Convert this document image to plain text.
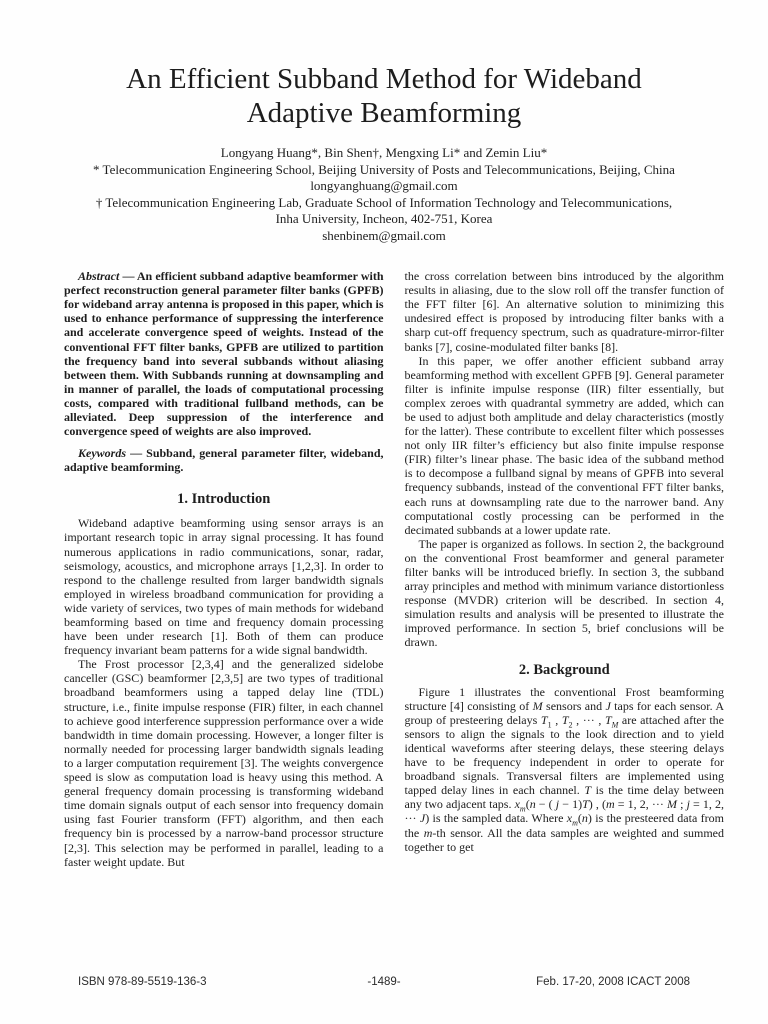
An Efficient Subband Method for Wideband Adaptive Beamforming
Longyang Huang*, Bin Shen†, Mengxing Li* and Zemin Liu*
* Telecommunication Engineering School, Beijing University of Posts and Telecommunications, Beijing, China
longyanghuang@gmail.com
† Telecommunication Engineering Lab, Graduate School of Information Technology and Telecommunications,
Inha University, Incheon, 402-751, Korea
shenbinem@gmail.com

Abstract — An efficient subband adaptive beamformer with perfect reconstruction general parameter filter banks (GPFB) for wideband array antenna is proposed in this paper, which is used to enhance performance of suppressing the interference and accelerate convergence speed of weights. Instead of the conventional FFT filter banks, GPFB are utilized to partition the frequency band into several subbands without aliasing between them. With Subbands running at downsampling and in manner of parallel, the loads of computational processing costs, compared with traditional fullband methods, can be alleviated. Deep suppression of the interference and convergence speed of weights are also improved.

Keywords — Subband, general parameter filter, wideband, adaptive beamforming.

1. Introduction

Wideband adaptive beamforming using sensor arrays is an important research topic in array signal processing. It has found numerous applications in radio communications, sonar, radar, seismology, acoustics, and microphone arrays [1,2,3]. In order to respond to the challenge resulted from larger bandwidth signals employed in wireless broadband communication for providing a wide variety of services, two types of main methods for wideband beamforming based on time and frequency domain processing have been under research [1]. Both of them can produce frequency invariant beam patterns for a wide signal bandwidth.

The Frost processor [2,3,4] and the generalized sidelobe canceller (GSC) beamformer [2,3,5] are two types of traditional broadband beamformers using a tapped delay line (TDL) structure, i.e., finite impulse response (FIR) filter, in each channel to achieve good interference suppression performance over a wide bandwidth in time domain processing. However, a longer filter is normally needed for processing larger bandwidth signals leading to a larger computation requirement [3]. The weights convergence speed is slow as computation load is heavy using this method. A general frequency domain processing is transforming wideband time domain signals output of each sensor into frequency domain using fast Fourier transform (FFT) algorithm, and then each frequency bin is processed by a narrow-band processor structure [2,3]. This selection may be performed in parallel, leading to a faster weight update. But

the cross correlation between bins introduced by the algorithm results in aliasing, due to the slow roll off the transfer function of the FFT filter [6]. An alternative solution to minimizing this undesired effect is proposed by introducing filter banks with a sharp cut-off frequency spectrum, such as quadrature-mirror-filter banks [7], cosine-modulated filter banks [8].

In this paper, we offer another efficient subband array beamforming method with excellent GPFB [9]. General parameter filter is infinite impulse response (IIR) filter essentially, but complex zeroes with quadrantal symmetry are added, which can be used to adjust both amplitude and delay characteristics (mostly for the latter). These contribute to excellent filter which possesses not only IIR filter’s efficiency but also finite impulse response (FIR) filter’s linear phase. The basic idea of the subband method is to decompose a fullband signal by means of GPFB into several frequency subbands, instead of the conventional FFT filter banks, each runs at downsampling rate due to the narrower band. Any computational costly processing can be performed in the decimated subbands at a lower update rate.

The paper is organized as follows. In section 2, the background on the conventional Frost beamformer and general parameter filter banks will be introduced briefly. In section 3, the subband array principles and method with minimum variance distortionless response (MVDR) criterion will be described. In section 4, simulation results and analysis will be presented to illustrate the improved performance. In section 5, brief conclusions will be drawn.

2. Background

Figure 1 illustrates the conventional Frost beamforming structure [4] consisting of M sensors and J taps for each sensor. A group of presteering delays $T_1$ , $T_2$ , ··· , $T_M$ are attached after the sensors to align the signals to the look direction and to yield identical waveforms after steering delays, these steering delays have to be frequency independent in order to operate for broadband signals. Transversal filters are implemented using tapped delay lines in each channel. T is the time delay between any two adjacent taps. $x_m(n$ − ( j − 1)T) , (m = 1, 2, ··· M ; j = 1, 2, ··· J) is the sampled data. Where $x_m(n)$ is the presteered data from the m-th sensor. All the data samples are weighted and summed together to get

ISBN 978-89-5519-136-3	-1489-	Feb. 17-20, 2008 ICACT 2008
